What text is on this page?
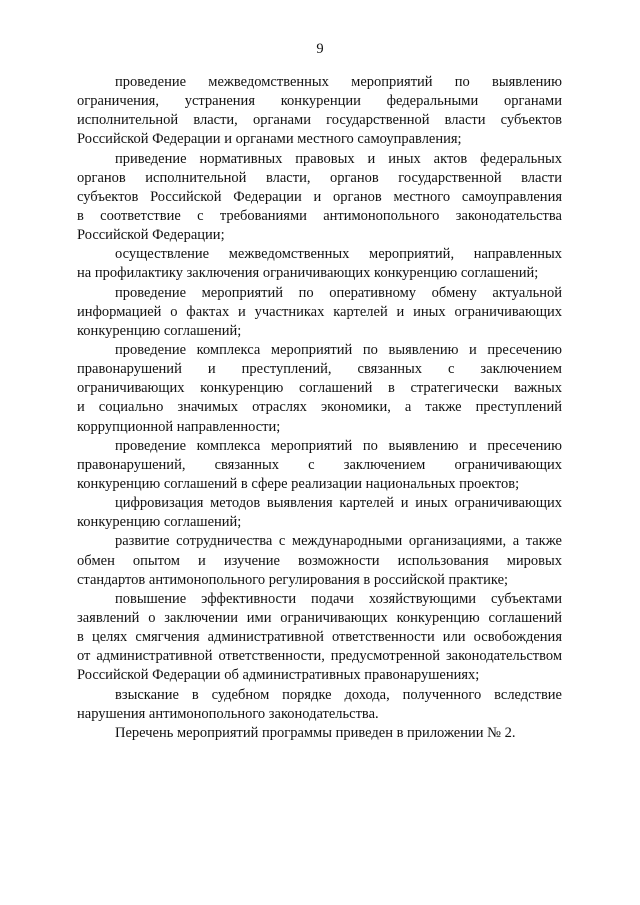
9
проведение межведомственных мероприятий по выявлению
ограничения, устранения конкуренции федеральными органами
исполнительной власти, органами государственной власти субъектов
Российской Федерации и органами местного самоуправления;
приведение нормативных правовых и иных актов федеральных
органов исполнительной власти, органов государственной власти
субъектов Российской Федерации и органов местного самоуправления
в соответствие с требованиями антимонопольного законодательства
Российской Федерации;
осуществление межведомственных мероприятий, направленных
на профилактику заключения ограничивающих конкуренцию соглашений;
проведение мероприятий по оперативному обмену актуальной
информацией о фактах и участниках картелей и иных ограничивающих
конкуренцию соглашений;
проведение комплекса мероприятий по выявлению и пресечению
правонарушений и преступлений, связанных с заключением
ограничивающих конкуренцию соглашений в стратегически важных
и социально значимых отраслях экономики, а также преступлений
коррупционной направленности;
проведение комплекса мероприятий по выявлению и пресечению
правонарушений, связанных с заключением ограничивающих
конкуренцию соглашений в сфере реализации национальных проектов;
цифровизация методов выявления картелей и иных ограничивающих
конкуренцию соглашений;
развитие сотрудничества с международными организациями, а также
обмен опытом и изучение возможности использования мировых
стандартов антимонопольного регулирования в российской практике;
повышение эффективности подачи хозяйствующими субъектами
заявлений о заключении ими ограничивающих конкуренцию соглашений
в целях смягчения административной ответственности или освобождения
от административной ответственности, предусмотренной законодательством
Российской Федерации об административных правонарушениях;
взыскание в судебном порядке дохода, полученного вследствие
нарушения антимонопольного законодательства.
Перечень мероприятий программы приведен в приложении № 2.
